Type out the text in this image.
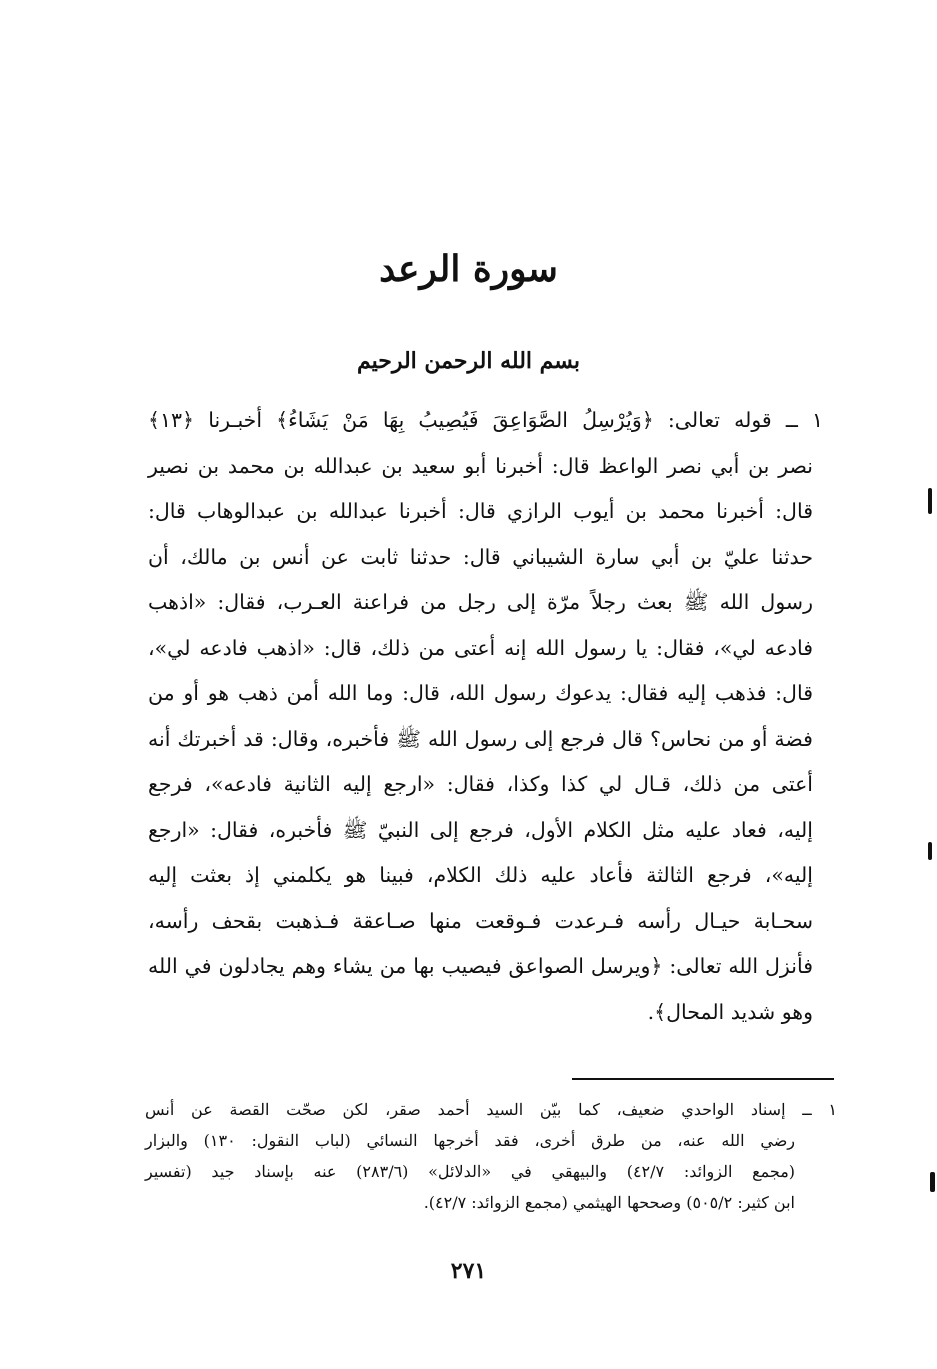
سورة الرعد
بسم الله الرحمن الرحيم
١ ــ قوله تعالى: ﴿وَيُرْسِلُ الصَّوَاعِقَ فَيُصِيبُ بِهَا مَنْ يَشَاءُ﴾ أخبـرنا ﴿١٣﴾
نصر بن أبي نصر الواعظ قال: أخبرنا أبو سعيد بن عبدالله بن محمد بن نصير
قال: أخبرنا محمد بن أيوب الرازي قال: أخبرنا عبدالله بن عبدالوهاب قال:
حدثنا عليّ بن أبي سارة الشيباني قال: حدثنا ثابت عن أنس بن مالك، أن
رسول الله ﷺ بعث رجلاً مرّة إلى رجل من فراعنة العـرب، فقال: «اذهب
فادعه لي»، فقال: يا رسول الله إنه أعتى من ذلك، قال: «اذهب فادعه لي»،
قال: فذهب إليه فقال: يدعوك رسول الله، قال: وما الله أمن ذهب هو أو من
فضة أو من نحاس؟ قال فرجع إلى رسول الله ﷺ فأخبره، وقال: قد أخبرتك أنه
أعتى من ذلك، قـال لي كذا وكذا، فقال: «ارجع إليه الثانية فادعه»، فرجع
إليه، فعاد عليه مثل الكلام الأول، فرجع إلى النبيّ ﷺ فأخبره، فقال: «ارجع
إليه»، فرجع الثالثة فأعاد عليه ذلك الكلام، فبينا هو يكلمني إذ بعثت إليه
سحـابة حيـال رأسه فـرعدت فـوقعت منها صـاعقة فـذهبت بقحف رأسه،
فأنزل الله تعالى: ﴿ويرسل الصواعق فيصيب بها من يشاء وهم يجادلون في الله
وهو شديد المحال﴾.
١ ــ إسناد الواحدي ضعيف، كما بيّن السيد أحمد صقر، لكن صحّت القصة عن أنس
رضي الله عنه، من طرق أخرى، فقد أخرجها النسائي (لباب النقول: ١٣٠) والبزار
(مجمع الزوائد: ٤٢/٧) والبيهقي في «الدلائل» (٢٨٣/٦) عنه بإسناد جيد (تفسير
ابن كثير: ٥٠٥/٢) وصححها الهيثمي (مجمع الزوائد: ٤٢/٧).
٢٧١
